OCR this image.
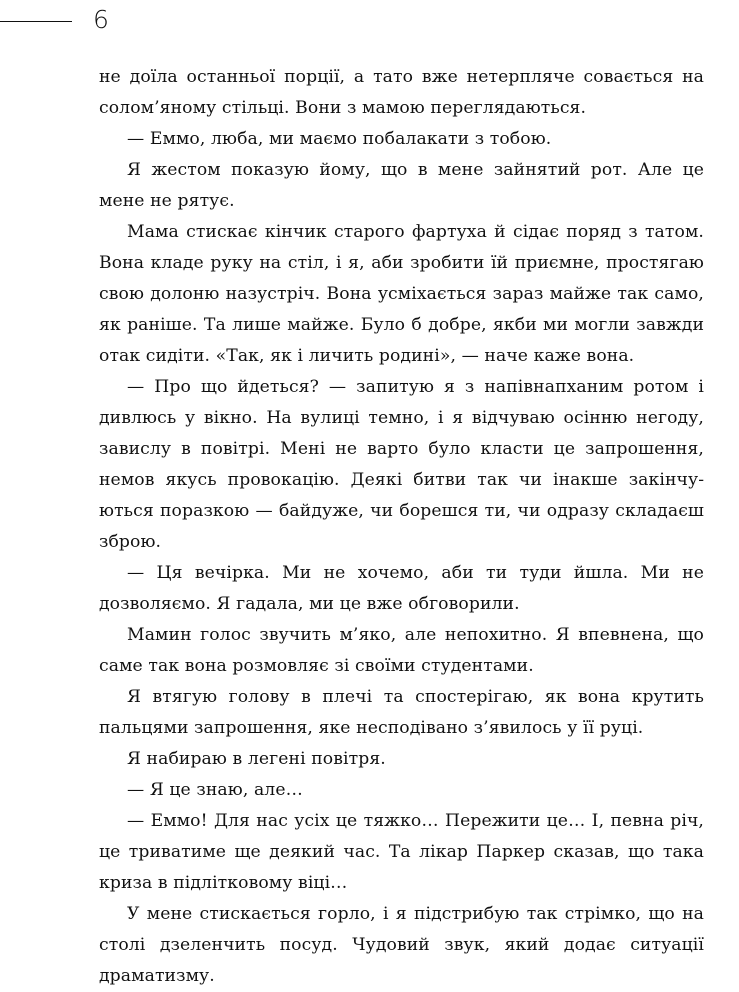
6

не доїла останньої порції, а тато вже нетерпляче совається на солом’яному стільці. Вони з мамою переглядаються.

— Еммо, люба, ми маємо побалакати з тобою.

Я жестом показую йому, що в мене зайнятий рот. Але це мене не рятує.

Мама стискає кінчик старого фартуха й сідає поряд з татом. Вона кладе руку на стіл, і я, аби зробити їй приємне, простягаю свою долоню назустріч. Вона усміхається зараз майже так само, як раніше. Та лише майже. Було б добре, якби ми могли завжди отак сидіти. «Так, як і личить родині», — наче каже вона.

— Про що йдеться? — запитую я з напівнапханим ротом і дивлюсь у вікно. На вулиці темно, і я відчуваю осінню негоду, завислу в повітрі. Мені не варто було класти це запрошення, немов якусь провокацію. Деякі битви так чи інакше закінчуються поразкою — байдуже, чи борешся ти, чи одразу складаєш зброю.

— Ця вечірка. Ми не хочемо, аби ти туди йшла. Ми не дозволяємо. Я гадала, ми це вже обговорили.

Мамин голос звучить м’яко, але непохитно. Я впевнена, що саме так вона розмовляє зі своїми студентами.

Я втягую голову в плечі та спостерігаю, як вона крутить пальцями запрошення, яке несподівано з’явилось у її руці.

Я набираю в легені повітря.

— Я це знаю, але…

— Еммо! Для нас усіх це тяжко… Пережити це… І, певна річ, це триватиме ще деякий час. Та лікар Паркер сказав, що така криза в підлітковому віці…

У мене стискається горло, і я підстрибую так стрімко, що на столі дзеленчить посуд. Чудовий звук, який додає ситуації драматизму.
